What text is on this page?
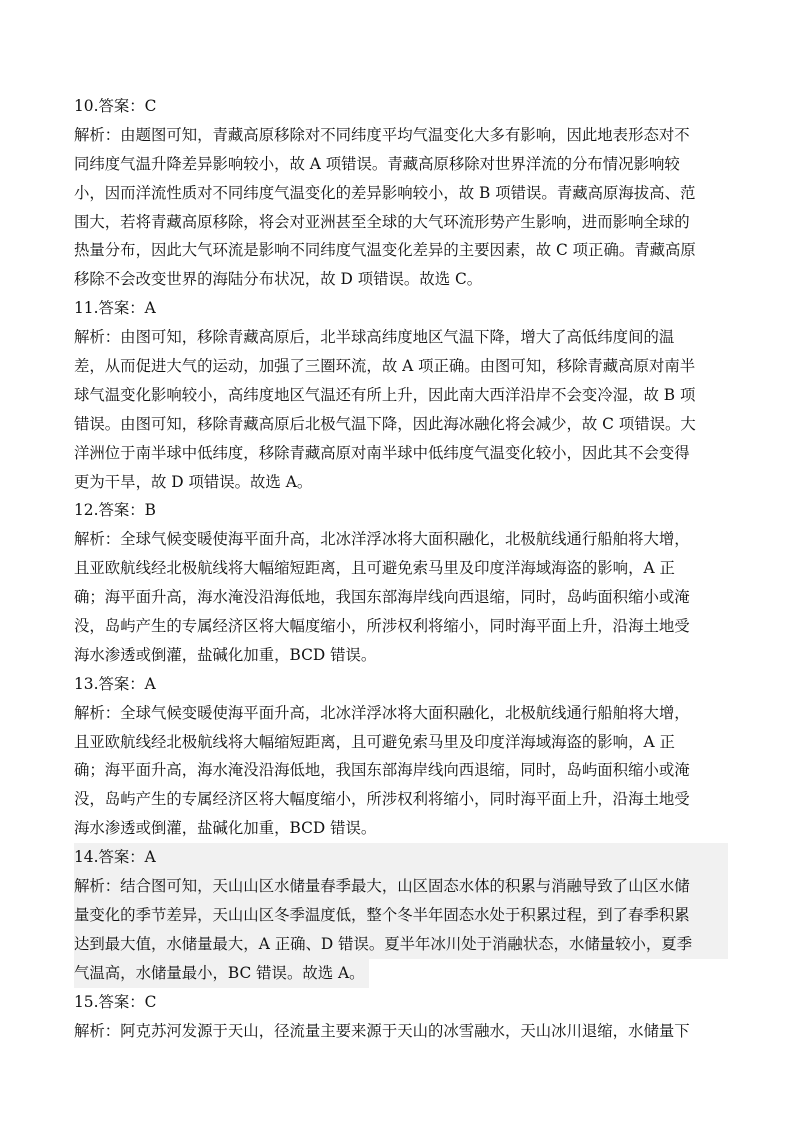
10.答案：C
解析：由题图可知，青藏高原移除对不同纬度平均气温变化大多有影响，因此地表形态对不
同纬度气温升降差异影响较小，故 A 项错误。青藏高原移除对世界洋流的分布情况影响较
小，因而洋流性质对不同纬度气温变化的差异影响较小，故 B 项错误。青藏高原海拔高、范
围大，若将青藏高原移除，将会对亚洲甚至全球的大气环流形势产生影响，进而影响全球的
热量分布，因此大气环流是影响不同纬度气温变化差异的主要因素，故 C 项正确。青藏高原
移除不会改变世界的海陆分布状况，故 D 项错误。故选 C。
11.答案：A
解析：由图可知，移除青藏高原后，北半球高纬度地区气温下降，增大了高低纬度间的温
差，从而促进大气的运动，加强了三圈环流，故 A 项正确。由图可知，移除青藏高原对南半
球气温变化影响较小，高纬度地区气温还有所上升，因此南大西洋沿岸不会变冷湿，故 B 项
错误。由图可知，移除青藏高原后北极气温下降，因此海冰融化将会减少，故 C 项错误。大
洋洲位于南半球中低纬度，移除青藏高原对南半球中低纬度气温变化较小，因此其不会变得
更为干旱，故 D 项错误。故选 A。
12.答案：B
解析：全球气候变暖使海平面升高，北冰洋浮冰将大面积融化，北极航线通行船舶将大增，
且亚欧航线经北极航线将大幅缩短距离，且可避免索马里及印度洋海域海盗的影响，A 正
确；海平面升高，海水淹没沿海低地，我国东部海岸线向西退缩，同时，岛屿面积缩小或淹
没，岛屿产生的专属经济区将大幅度缩小，所涉权利将缩小，同时海平面上升，沿海土地受
海水渗透或倒灌，盐碱化加重，BCD 错误。
13.答案：A
解析：全球气候变暖使海平面升高，北冰洋浮冰将大面积融化，北极航线通行船舶将大增，
且亚欧航线经北极航线将大幅缩短距离，且可避免索马里及印度洋海域海盗的影响，A 正
确；海平面升高，海水淹没沿海低地，我国东部海岸线向西退缩，同时，岛屿面积缩小或淹
没，岛屿产生的专属经济区将大幅度缩小，所涉权利将缩小，同时海平面上升，沿海土地受
海水渗透或倒灌，盐碱化加重，BCD 错误。
14.答案：A
解析：结合图可知，天山山区水储量春季最大，山区固态水体的积累与消融导致了山区水储
量变化的季节差异，天山山区冬季温度低，整个冬半年固态水处于积累过程，到了春季积累
达到最大值，水储量最大，A 正确、D 错误。夏半年冰川处于消融状态，水储量较小，夏季
气温高，水储量最小，BC 错误。故选 A。
15.答案：C
解析：阿克苏河发源于天山，径流量主要来源于天山的冰雪融水，天山冰川退缩，水储量下
